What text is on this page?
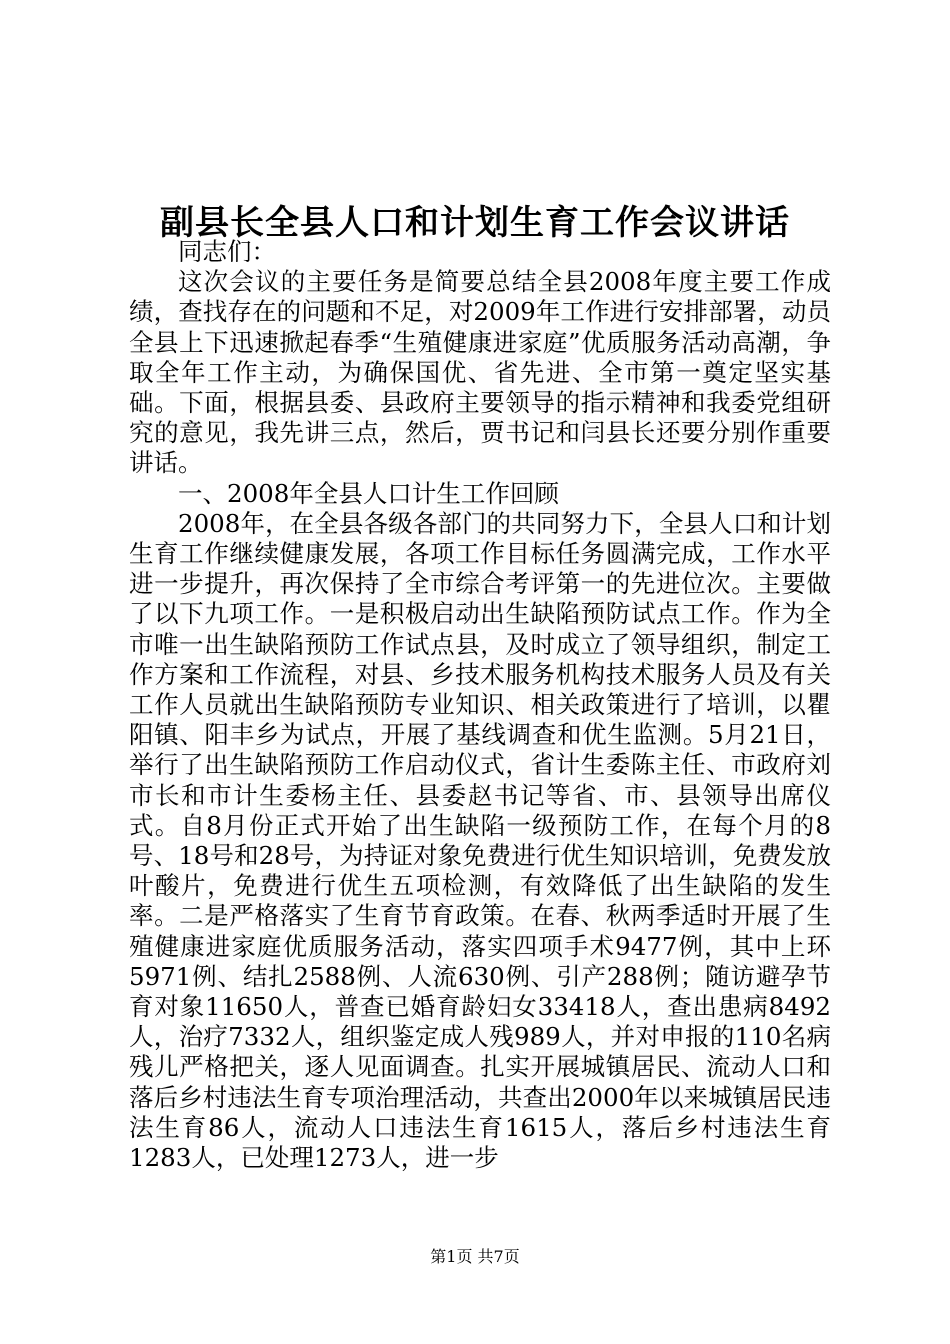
副县长全县人口和计划生育工作会议讲话

同志们：

这次会议的主要任务是简要总结全县2008年度主要工作成绩，查找存在的问题和不足，对2009年工作进行安排部署，动员全县上下迅速掀起春季“生殖健康进家庭”优质服务活动高潮，争取全年工作主动，为确保国优、省先进、全市第一奠定坚实基础。下面，根据县委、县政府主要领导的指示精神和我委党组研究的意见，我先讲三点，然后，贾书记和闫县长还要分别作重要讲话。

一、2008年全县人口计生工作回顾

2008年，在全县各级各部门的共同努力下，全县人口和计划生育工作继续健康发展，各项工作目标任务圆满完成，工作水平进一步提升，再次保持了全市综合考评第一的先进位次。主要做了以下九项工作。一是积极启动出生缺陷预防试点工作。作为全市唯一出生缺陷预防工作试点县，及时成立了领导组织，制定工作方案和工作流程，对县、乡技术服务机构技术服务人员及有关工作人员就出生缺陷预防专业知识、相关政策进行了培训，以瞿阳镇、阳丰乡为试点，开展了基线调查和优生监测。5月21日，举行了出生缺陷预防工作启动仪式，省计生委陈主任、市政府刘市长和市计生委杨主任、县委赵书记等省、市、县领导出席仪式。自8月份正式开始了出生缺陷一级预防工作，在每个月的8号、18号和28号，为持证对象免费进行优生知识培训，免费发放叶酸片，免费进行优生五项检测，有效降低了出生缺陷的发生率。二是严格落实了生育节育政策。在春、秋两季适时开展了生殖健康进家庭优质服务活动，落实四项手术9477例，其中上环5971例、结扎2588例、人流630例、引产288例；随访避孕节育对象11650人，普查已婚育龄妇女33418人，查出患病8492人，治疗7332人，组织鉴定成人残989人，并对申报的110名病残儿严格把关，逐人见面调查。扎实开展城镇居民、流动人口和落后乡村违法生育专项治理活动，共查出2000年以来城镇居民违法生育86人，流动人口违法生育1615人，落后乡村违法生育1283人，已处理1273人，进一步

第1页 共7页
